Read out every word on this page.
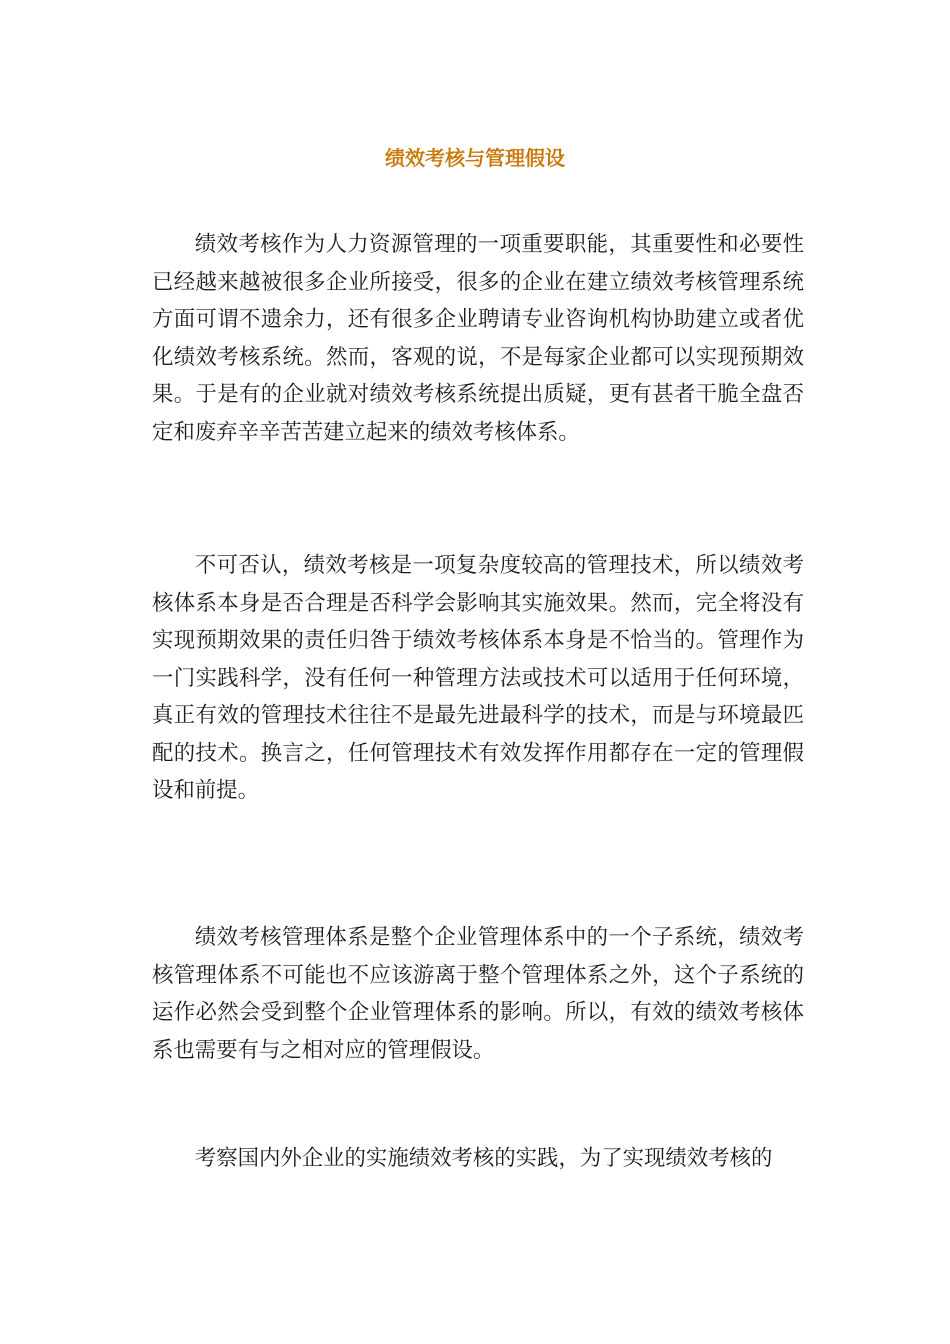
绩效考核与管理假设

绩效考核作为人力资源管理的一项重要职能，其重要性和必要性已经越来越被很多企业所接受，很多的企业在建立绩效考核管理系统方面可谓不遗余力，还有很多企业聘请专业咨询机构协助建立或者优化绩效考核系统。然而，客观的说，不是每家企业都可以实现预期效果。于是有的企业就对绩效考核系统提出质疑，更有甚者干脆全盘否定和废弃辛辛苦苦建立起来的绩效考核体系。

不可否认，绩效考核是一项复杂度较高的管理技术，所以绩效考核体系本身是否合理是否科学会影响其实施效果。然而，完全将没有实现预期效果的责任归咎于绩效考核体系本身是不恰当的。管理作为一门实践科学，没有任何一种管理方法或技术可以适用于任何环境，真正有效的管理技术往往不是最先进最科学的技术，而是与环境最匹配的技术。换言之，任何管理技术有效发挥作用都存在一定的管理假设和前提。

绩效考核管理体系是整个企业管理体系中的一个子系统，绩效考核管理体系不可能也不应该游离于整个管理体系之外，这个子系统的运作必然会受到整个企业管理体系的影响。所以，有效的绩效考核体系也需要有与之相对应的管理假设。

考察国内外企业的实施绩效考核的实践，为了实现绩效考核的
